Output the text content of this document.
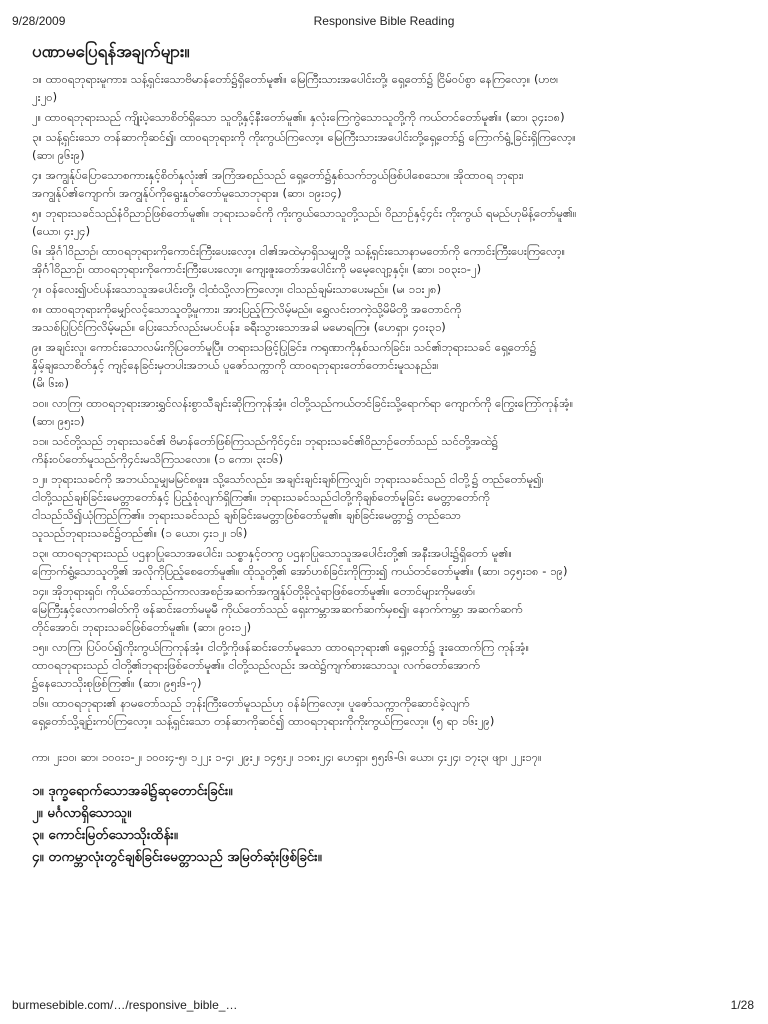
9/28/2009	Responsive Bible Reading
ပဏာမပြေရန်အချက်များ။
၁။ ထာဝရဘုရားမူကား၊ သန့်ရှင်းသောဗိမာန်တော်၌ရှိတော်မူ၏။ မြေကြီးသားအပေါင်းတို့၊ ရှေ့တော်၌ ငြိမ်ဝပ်စွာ နေကြလော့။ (ဟဗ၊
၂း၂၀)
၂။ ထာဝရဘုရားသည် ကျိုးပဲ့သောစိတ်ရှိသော သူတို့နှင့်နီးတော်မူ၏။ နှလုံးကြေကွဲသောသူတို့ကို ကယ်တင်တော်မူ၏။ (ဆာ၊ ၃၄း၁၈)
၃။ သန့်ရှင်းသော တန်ဆာကိုဆင်၍၊ ထာဝရဘုရားကို ကိုးကွယ်ကြလော့။ မြေကြီးသားအပေါင်းတို့ရှေ့တော်၌ ကြောက်ရွံ့ခြင်းရှိကြလော့။
(ဆာ၊ ၉၆း၉)
၄။ အကျွန်ုပ်ပြောသောစကားနှင့်စိတ်နှလုံး၏ အကြံအစည်သည် ရှေ့တော်၌နှစ်သက်ဘွယ်ဖြစ်ပါစေသော။ အိုထာဝရ ဘုရား၊
အကျွန်ုပ်၏ကျောက်၊ အကျွန်ုပ်ကိုရွေးနှုတ်တော်မူသောဘုရား။ (ဆာ၊ ၁၉း၁၄)
၅။ ဘုရားသခင်သည်နံဝိညာဉ်ဖြစ်တော်မူ၏။ ဘုရားသခင်ကို ကိုးကွယ်သောသူတို့သည်၊ ဝိညာဉ်နှင့်၄င်း ကိုးကွယ် ရမည်ဟုမိန့်တော်မူ၏။
(ယော၊ ၄း၂၄)
၆။ အိုင်္ဂါဝိညာဉ်၊ ထာဝရဘုရားကိုကောင်းကြီးပေးလော့။ ငါ၏အထဲမှာရှိသမျှတို့၊ သန့်ရှင်းသောနာမတော်ကို ကောင်းကြီးပေးကြလော့။
အိုင်္ဂါဝိညာဉ်၊ ထာဝရဘုရားကိုကောင်းကြီးပေးလော့။ ကျေးဇူးတော်အပေါင်းကို မမေ့လျော့နှင့်။ (ဆာ၊ ၁၀၃း၁-၂)
၇။ ဝန်လေး၍ပင်ပန်းသောသူအပေါင်းတို့၊ ငါ့ထံသို့လာကြလော့။ ငါသည်ချမ်းသာပေးမည်။ (မ၊ ၁၁း၂၈)
၈။ ထာဝရဘုရားကိုမျှော်လင့်သောသူတို့မူကား၊ အားပြည့်ကြလိမ့်မည်။ ရွှေလင်းတကဲ့သို့မိမိတို့ အတောင်ကို
အသစ်ပြုပြင်ကြလိမ့်မည်။ ပြေးသော်လည်းမပင်ပန်း၊ ခရီးသွားသောအခါ မမောရကြ။ (ဟေရှာ၊ ၄၀း၃၁)
၉။ အချင်းလူ၊ ကောင်းသောလမ်းကိုပြတော်မူပြီ။ တရားသဖြင့်ပြုခြင်း၊ ကရုဏာကိုနှစ်သက်ခြင်း၊ သင်၏ဘုရားသခင် ရှေ့တော်၌
နှိမ့်ချသောစိတ်နှင့် ကျင့်နေခြင်းမှတပါးအဘယ် ပူဇော်သက္ကာကို ထာဝရဘုရားတော်တောင်းမူသနည်း။
(မိ၊ ၆း၈)
၁၀။ လာကြ၊ ထာဝရဘုရားအားရွှင်လန်းစွာသီချင်းဆိုကြကုန်အံ့။ ငါတို့သည်ကယ်တင်ခြင်းသို့ရောက်ရာ ကျောက်ကို ကြွေးကြော်ကုန်အံ့။
(ဆာ၊ ၉၅း၁)
၁၁။ သင်တို့သည် ဘုရားသခင်၏ ဗိမာန်တော်ဖြစ်ကြသည်ကိုင်၄င်း၊ ဘုရားသခင်၏ဝိညာဉ်တော်သည် သင်တို့အထဲ၌
ကိန်းဝပ်တော်မူသည်ကို၄င်းမသိကြသလော။ (၁ ကော၊ ၃း၁၆)
၁၂။ ဘုရားသခင်ကို အဘယ်သူမျှမမြင်စဖူး။ သို့သော်လည်း၊ အချင်းချင်းချစ်ကြလျှင်၊ ဘုရားသခင်သည် ငါတို့၌ တည်တော်မူ၍၊
ငါတို့သည်ချစ်ခြင်းမေတ္တာတော်နှင့် ပြည့်စုံလျက်ရှိကြ၏။ ဘုရားသခင်သည်ငါတို့ကိုချစ်တော်မူခြင်း မေတ္တာတော်ကို
ငါသည်သိ၍ယုံကြည်ကြ၏။ ဘုရားသခင်သည် ချစ်ခြင်းမေတ္တာဖြစ်တော်မူ၏။ ချစ်ခြင်းမေတ္တာ၌ တည်သော
သူသည်ဘုရားသခင်၌တည်၏။ (၁ ယော၊ ၄း၁၂၊ ၁၆)
၁၃။ ထာဝရဘုရားသည် ပဌနာပြုသောအပေါင်း၊ သစ္စာနှင့်တကွ ပဌနာပြုသောသူအပေါင်းတို့၏ အနီးအပါး၌ရှိတော် မူ၏။
ကြောက်ရွံ့သောသူတို့၏ အလိုကိုပြည့်စေတော်မူ၏။ ထိုသူတို့၏ အော်ဟစ်ခြင်းကိုကြား၍ ကယ်တင်တော်မူ၏။ (ဆာ၊ ၁၄၅း၁၈ - ၁၉)
၁၄။ အိုဘုရားရှင်၊ ကိုယ်တော်သည်ကာလအစဉ်အဆက်အကျွန်ုပ်တို့ခိုလှုံရာဖြစ်တော်မူ၏။ တောင်များကိုမဖော်၊
မြေကြီးနှင့်လောကဓါတ်ကို ဖန်ဆင်းတော်မမူမီ ကိုယ်တော်သည် ရှေးကမ္ဘာအဆက်ဆက်မှစ၍၊ နောက်ကမ္ဘာ အဆက်ဆက်
တိုင်အောင်၊ ဘုရားသခင်ဖြစ်တော်မူ၏။ (ဆာ၊ ၉၀း၁၂)
၁၅။ လာကြ၊ ပြပ်ဝပ်၍ကိုးကွယ်ကြကုန်အံ့။ ငါတို့ကိုဖန်ဆင်းတော်မူသော ထာဝရဘုရား၏ ရှေ့တော်၌ ဒူးထောက်ကြ ကုန်အံ့။
ထာဝရဘုရားသည် ငါတို့၏ဘုရားဖြစ်တော်မူ၏။ ငါတို့သည်လည်း အထဲ၌ကျက်စားသောသူ၊ လက်တော်အောက်
၌နေသောသိုးစုဖြစ်ကြ၏။ (ဆာ၊ ၉၅း၆-၇)
၁၆။ ထာဝရဘုရား၏ နာမတော်သည် ဘုန်းကြီးတော်မူသည်ဟု ဝန်ခံကြလော့။ ပူဇော်သက္ကာကိုဆောင်ခဲ့လျက်
ရှေ့တော်သို့ချဉ်းကပ်ကြလော့။ သန့်ရှင်းသော တန်ဆာကိုဆင်၍ ထာဝရဘုရားကိုကိုးကွယ်ကြလော့။ (၅ ရာ ၁၆း၂၉)
ကာ၊ ၂း၁၀၊ ဆာ၊ ၁၀၀း၁-၂၊ ၁၀၀း၄-၅၊ ၁၂၂း ၁-၄၊ ၂၉း၂၊ ၁၄၅း၂၊ ၁၁၈း၂၄၊ ဟေရှာ၊ ၅၅း၆-၆၊ ယော၊ ၄း၂၄၊ ၁၇း၃၊ ဖျာ၊ ၂၂း၁၇။
၁။ ဒုက္ခရောက်သောအခါ၌ဆုတောင်းခြင်း။
၂။ မင်္ဂလာရှိသောသူ။
၃။ ကောင်းမြတ်သောသိုးထိန်း။
၄။ တကမ္ဘာလုံးတွင်ချစ်ခြင်းမေတ္တာသည် အမြတ်ဆုံးဖြစ်ခြင်း။
burmesebible.com/…/responsive_bible_…	1/28
